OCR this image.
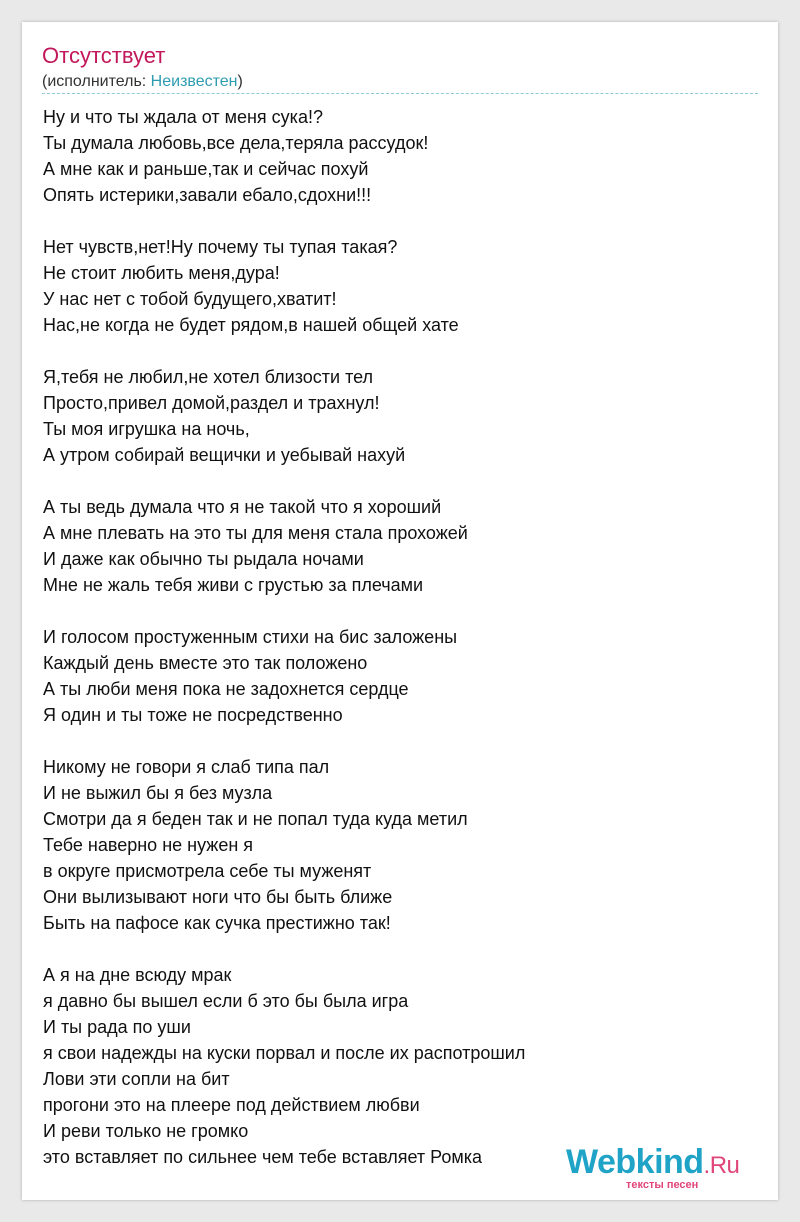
Отсутствует
(исполнитель: Неизвестен)
Ну и что ты ждала от меня сука!?
Ты думала любовь,все дела,теряла рассудок!
А мне как и раньше,так и сейчас похуй
Опять истерики,завали ебало,сдохни!!!
Нет чувств,нет!Ну почему ты тупая такая?
Не стоит любить меня,дура!
У нас нет с тобой будущего,хватит!
Нас,не когда не будет рядом,в нашей общей хате
Я,тебя не любил,не хотел близости тел
Просто,привел домой,раздел и трахнул!
Ты моя игрушка на ночь,
А утром собирай вещички и уебывай нахуй
А ты ведь думала что я не такой что я хороший
А мне плевать на это ты для меня стала прохожей
И даже как обычно ты рыдала ночами
Мне не жаль тебя живи с грустью за плечами
И голосом простуженным стихи на бис заложены
Каждый день вместе это так положено
А ты люби меня пока не задохнется сердце
Я один и ты тоже не посредственно
Никому не говори я слаб типа пал
И не выжил бы я без музла
Смотри да я беден так и не попал туда куда метил
Тебе наверно не нужен я
в округе присмотрела себе ты муженят
Они вылизывают ноги что бы быть ближе
Быть на пафосе как сучка престижно так!
А я на дне всюду мрак
я давно бы вышел если б это бы была игра
И ты рада по уши
я свои надежды на куски порвал и после их распотрошил
Лови эти сопли на бит
прогони это на плеере под действием любви
И реви только не громко
это вставляет по сильнее чем тебе вставляет Ромка	Webkind.Ru
тексты песен
